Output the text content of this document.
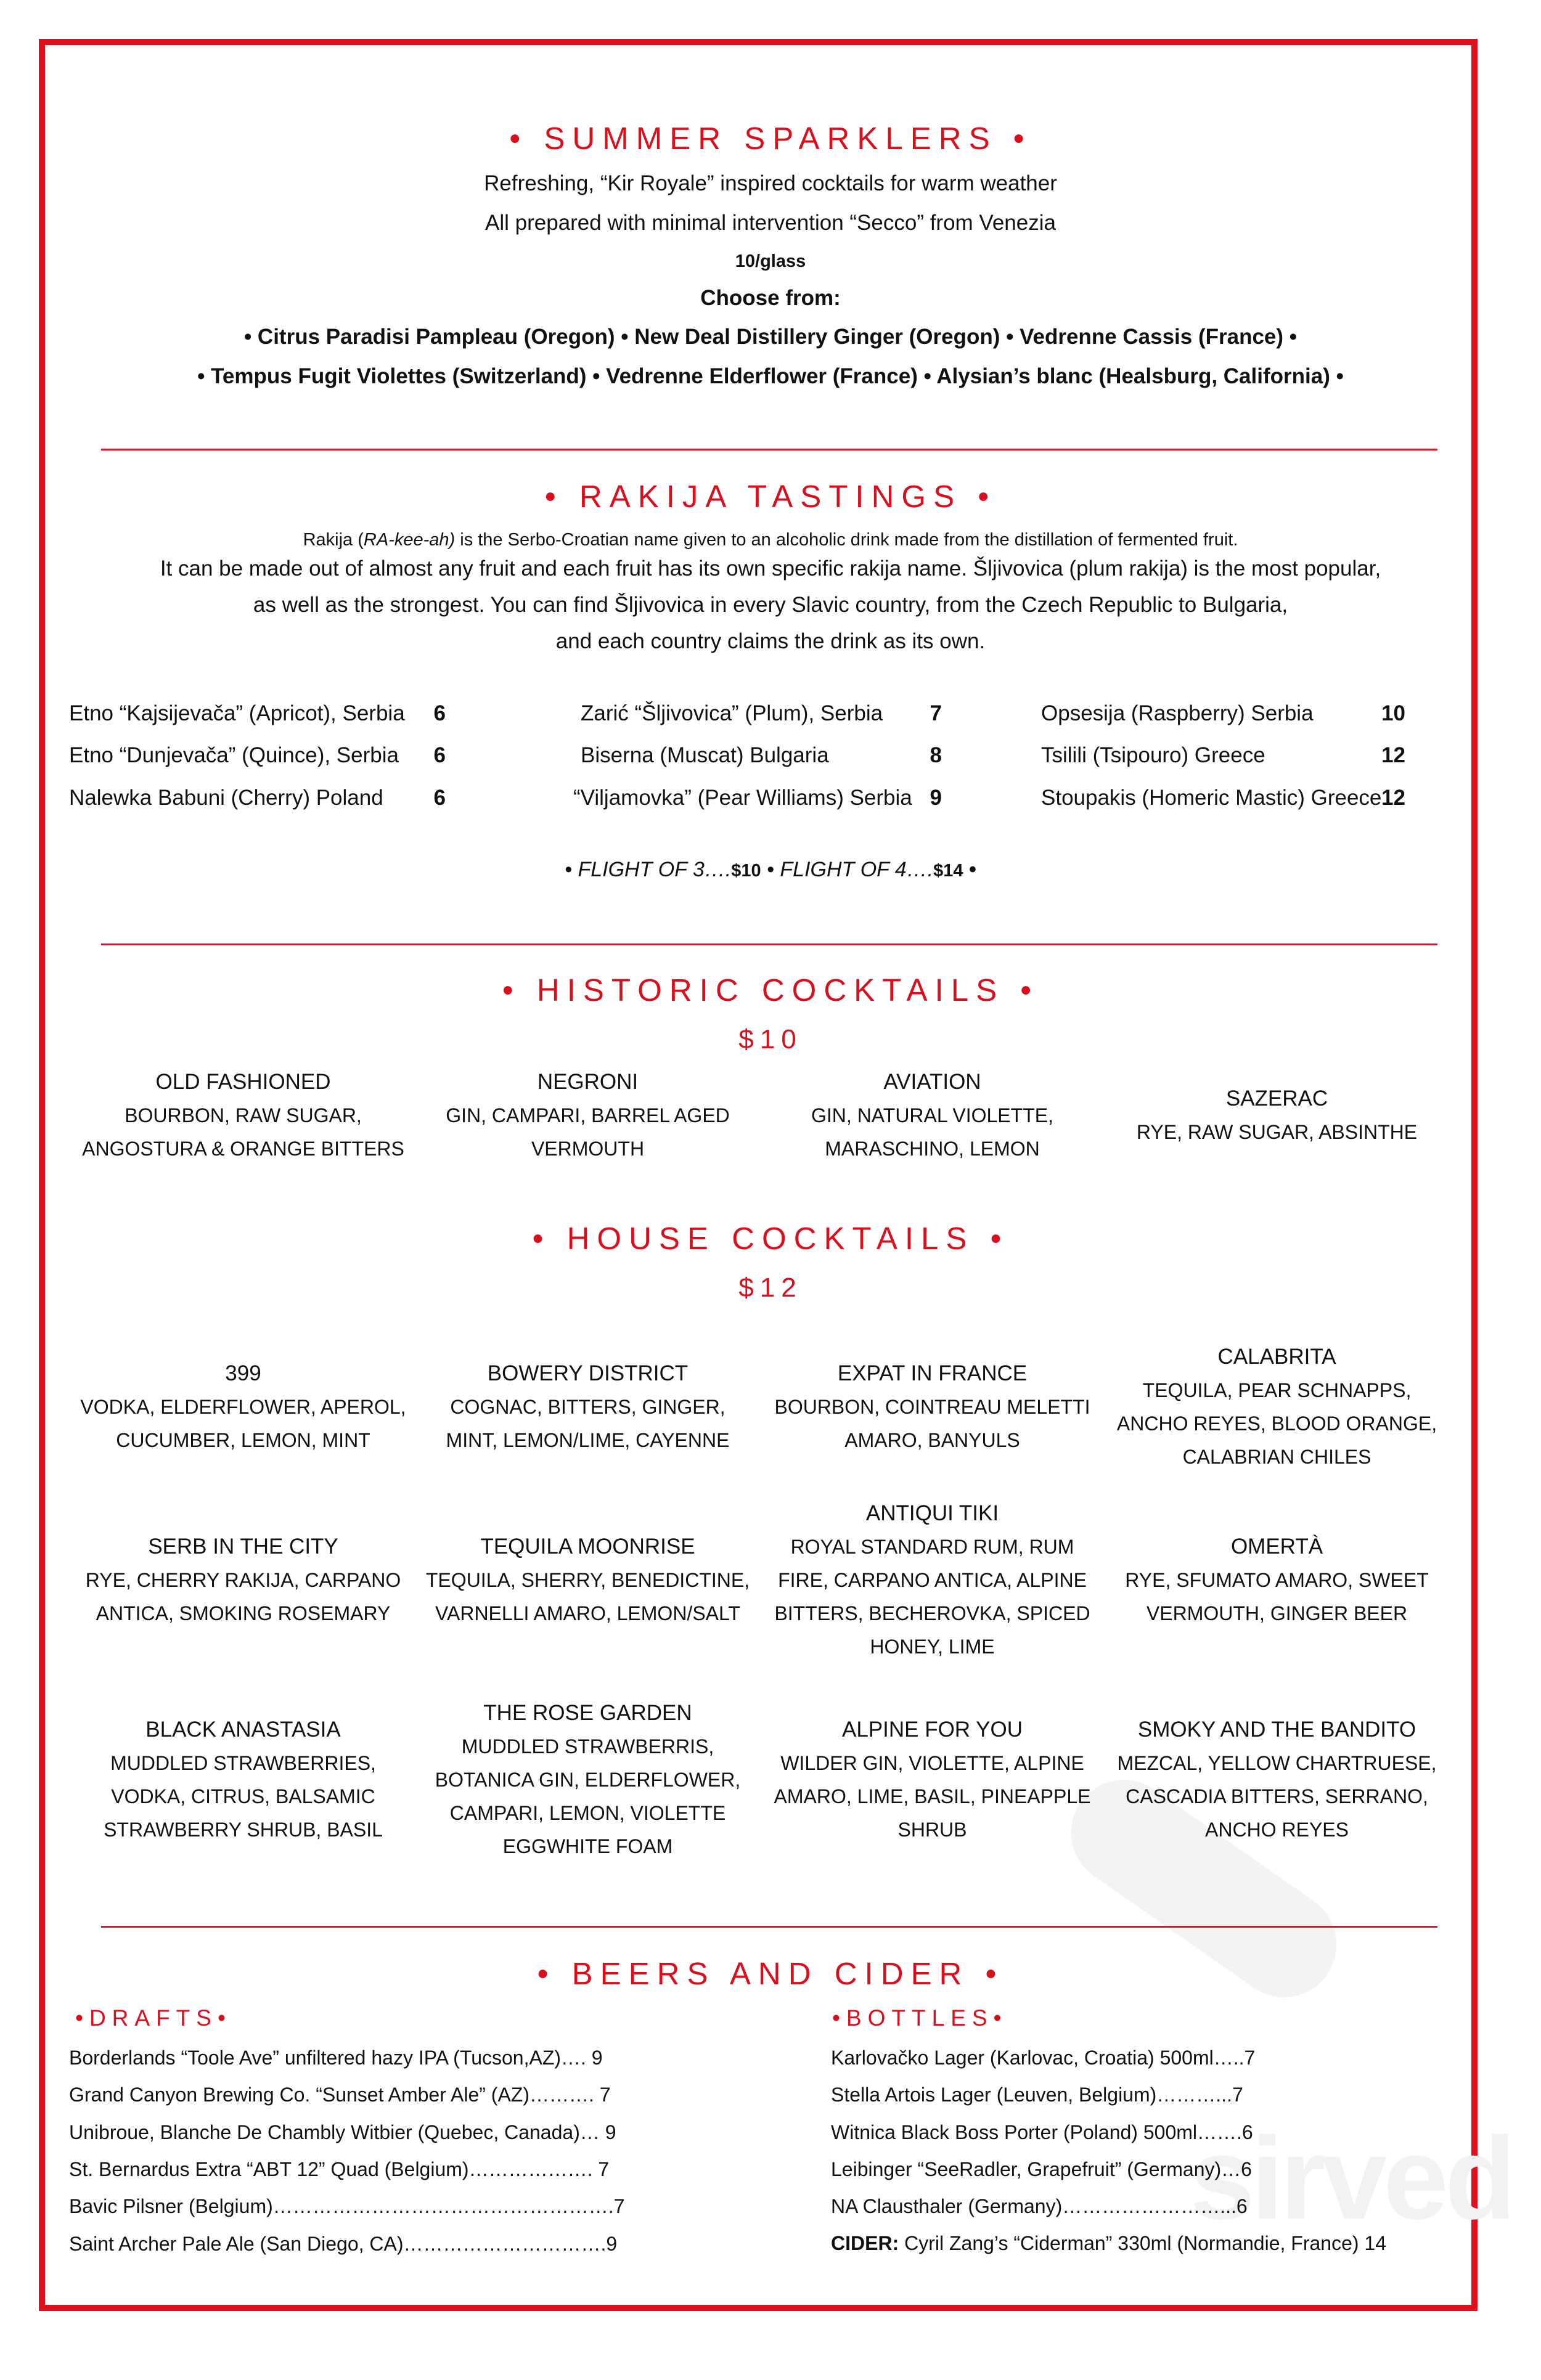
sirved
• SUMMER SPARKLERS •
Refreshing, “Kir Royale” inspired cocktails for warm weather
All prepared with minimal intervention “Secco” from Venezia
10/glass
Choose from:
• Citrus Paradisi Pampleau (Oregon) • New Deal Distillery Ginger (Oregon) • Vedrenne Cassis (France) •
• Tempus Fugit Violettes (Switzerland) • Vedrenne Elderflower (France) • Alysian’s blanc (Healsburg, California) •
• RAKIJA TASTINGS •
Rakija (RA-kee-ah) is the Serbo-Croatian name given to an alcoholic drink made from the distillation of fermented fruit.
It can be made out of almost any fruit and each fruit has its own specific rakija name. Šljivovica (plum rakija) is the most popular,
as well as the strongest. You can find Šljivovica in every Slavic country, from the Czech Republic to Bulgaria,
and each country claims the drink as its own.
Etno “Kajsijevača” (Apricot), Serbia	6
Etno “Dunjevača” (Quince), Serbia	6
Nalewka Babuni (Cherry) Poland	6
Zarić “Šljivovica” (Plum), Serbia	7
Biserna (Muscat) Bulgaria	8
“Viljamovka” (Pear Williams) Serbia 9
Opsesija (Raspberry) Serbia	10
Tsilili (Tsipouro) Greece	12
Stoupakis (Homeric Mastic) Greece 12
• FLIGHT OF 3….$10 • FLIGHT OF 4….$14 •
• HISTORIC COCKTAILS •
$10
OLD FASHIONED
BOURBON, RAW SUGAR, ANGOSTURA & ORANGE BITTERS
NEGRONI
GIN, CAMPARI, BARREL AGED VERMOUTH
AVIATION
GIN, NATURAL VIOLETTE, MARASCHINO, LEMON
SAZERAC
RYE, RAW SUGAR, ABSINTHE
• HOUSE COCKTAILS •
$12
399
VODKA, ELDERFLOWER, APEROL, CUCUMBER, LEMON, MINT
BOWERY DISTRICT
COGNAC, BITTERS, GINGER, MINT, LEMON/LIME, CAYENNE
EXPAT IN FRANCE
BOURBON, COINTREAU MELETTI AMARO, BANYULS
CALABRITA
TEQUILA, PEAR SCHNAPPS, ANCHO REYES, BLOOD ORANGE, CALABRIAN CHILES
SERB IN THE CITY
RYE, CHERRY RAKIJA, CARPANO ANTICA, SMOKING ROSEMARY
TEQUILA MOONRISE
TEQUILA, SHERRY, BENEDICTINE, VARNELLI AMARO, LEMON/SALT
ANTIQUI TIKI
ROYAL STANDARD RUM, RUM FIRE, CARPANO ANTICA, ALPINE BITTERS, BECHEROVKA, SPICED HONEY, LIME
OMERTÀ
RYE, SFUMATO AMARO, SWEET VERMOUTH, GINGER BEER
BLACK ANASTASIA
MUDDLED STRAWBERRIES, VODKA, CITRUS, BALSAMIC STRAWBERRY SHRUB, BASIL
THE ROSE GARDEN
MUDDLED STRAWBERRIS, BOTANICA GIN, ELDERFLOWER, CAMPARI, LEMON, VIOLETTE EGGWHITE FOAM
ALPINE FOR YOU
WILDER GIN, VIOLETTE, ALPINE AMARO, LIME, BASIL, PINEAPPLE SHRUB
SMOKY AND THE BANDITO
MEZCAL, YELLOW CHARTRUESE, CASCADIA BITTERS, SERRANO, ANCHO REYES
• BEERS AND CIDER •
•DRAFTS•	•BOTTLES•
Borderlands “Toole Ave” unfiltered hazy IPA (Tucson,AZ)…. 9
Grand Canyon Brewing Co. “Sunset Amber Ale” (AZ)………. 7
Unibroue, Blanche De Chambly Witbier (Quebec, Canada)… 9
St. Bernardus Extra “ABT 12” Quad (Belgium)………………. 7
Bavic Pilsner (Belgium)…………………………………………….7
Saint Archer Pale Ale (San Diego, CA)………………………….9
Karlovačko Lager (Karlovac, Croatia) 500ml…..7
Stella Artois Lager (Leuven, Belgium)………...7
Witnica Black Boss Porter (Poland) 500ml…….6
Leibinger “SeeRadler, Grapefruit” (Germany)…6
NA Clausthaler (Germany)……………………...6
CIDER: Cyril Zang’s “Ciderman” 330ml (Normandie, France) 14
